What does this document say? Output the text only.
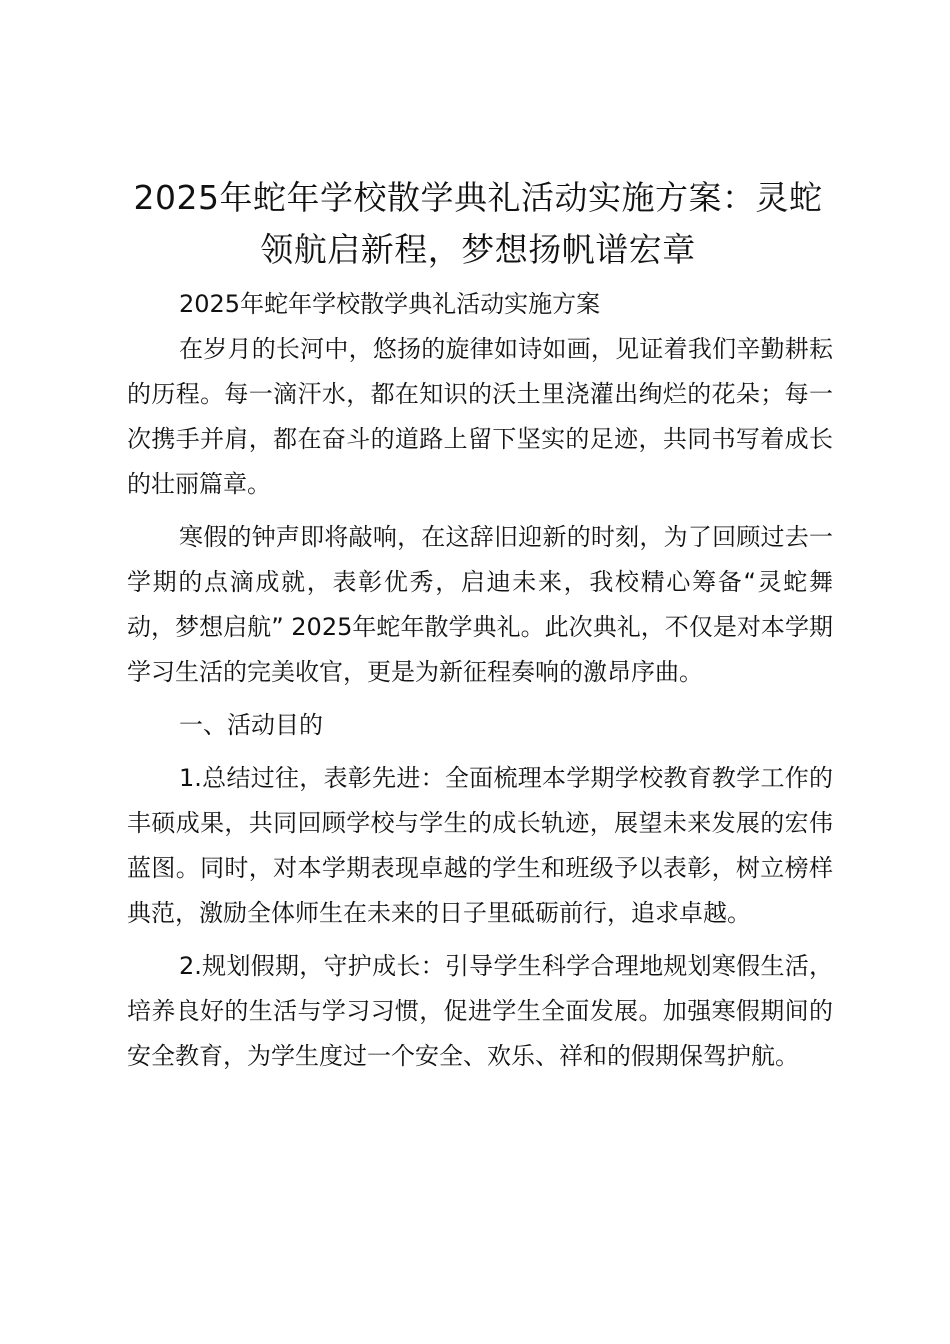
2025年蛇年学校散学典礼活动实施方案：灵蛇领航启新程，梦想扬帆谱宏章

2025年蛇年学校散学典礼活动实施方案

在岁月的长河中，悠扬的旋律如诗如画，见证着我们辛勤耕耘的历程。每一滴汗水，都在知识的沃土里浇灌出绚烂的花朵；每一次携手并肩，都在奋斗的道路上留下坚实的足迹，共同书写着成长的壮丽篇章。

寒假的钟声即将敲响，在这辞旧迎新的时刻，为了回顾过去一学期的点滴成就，表彰优秀，启迪未来，我校精心筹备“灵蛇舞动，梦想启航” 2025年蛇年散学典礼。此次典礼，不仅是对本学期学习生活的完美收官，更是为新征程奏响的激昂序曲。

一、活动目的

1.总结过往，表彰先进：全面梳理本学期学校教育教学工作的丰硕成果，共同回顾学校与学生的成长轨迹，展望未来发展的宏伟蓝图。同时，对本学期表现卓越的学生和班级予以表彰，树立榜样典范，激励全体师生在未来的日子里砥砺前行，追求卓越。

2.规划假期，守护成长：引导学生科学合理地规划寒假生活，培养良好的生活与学习习惯，促进学生全面发展。加强寒假期间的安全教育，为学生度过一个安全、欢乐、祥和的假期保驾护航。
